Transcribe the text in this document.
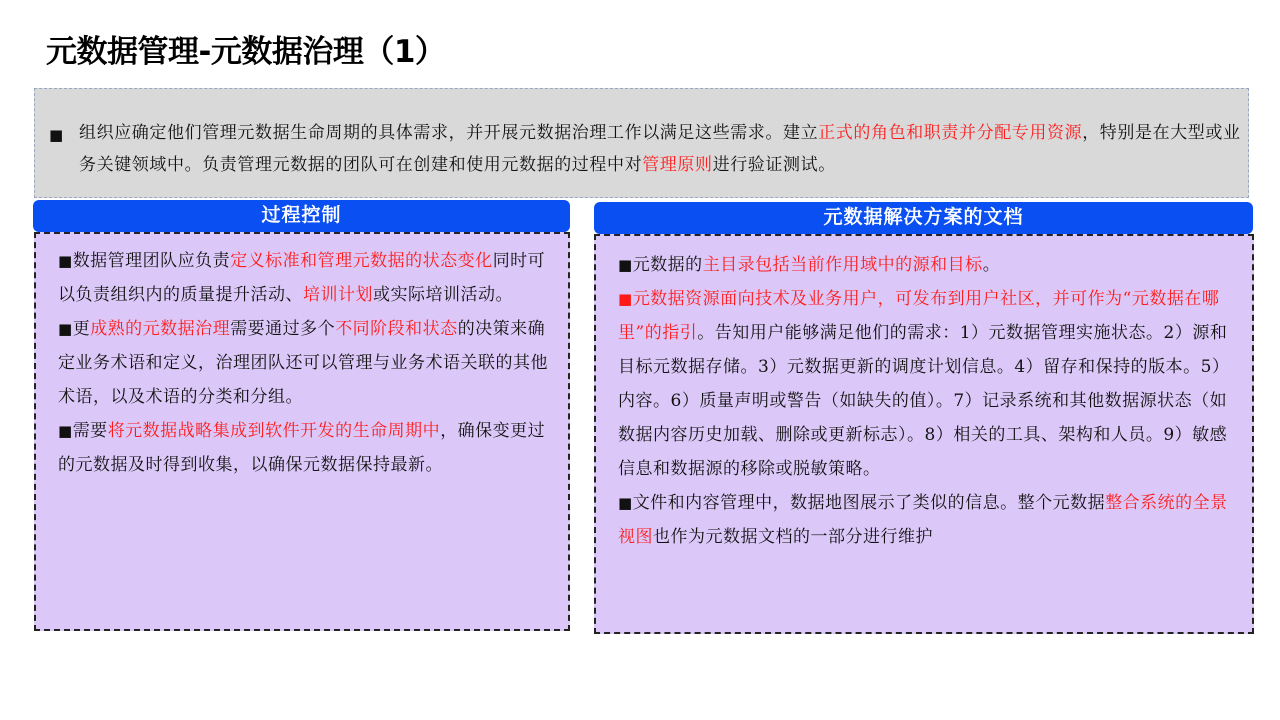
元数据管理-元数据治理（1）
■ 组织应确定他们管理元数据生命周期的具体需求，并开展元数据治理工作以满足这些需求。建立正式的角色和职责并分配专用资源，特别是在大型或业务关键领域中。负责管理元数据的团队可在创建和使用元数据的过程中对管理原则进行验证测试。
过程控制

■数据管理团队应负责定义标准和管理元数据的状态变化同时可以负责组织内的质量提升活动、培训计划或实际培训活动。

■更成熟的元数据治理需要通过多个不同阶段和状态的决策来确定业务术语和定义，治理团队还可以管理与业务术语关联的其他术语，以及术语的分类和分组。

■需要将元数据战略集成到软件开发的生命周期中，确保变更过的元数据及时得到收集，以确保元数据保持最新。

元数据解决方案的文档

■元数据的主目录包括当前作用域中的源和目标。

■元数据资源面向技术及业务用户，可发布到用户社区，并可作为“元数据在哪里”的指引。告知用户能够满足他们的需求：1）元数据管理实施状态。2）源和目标元数据存储。3）元数据更新的调度计划信息。4）留存和保持的版本。5）内容。6）质量声明或警告（如缺失的值）。7）记录系统和其他数据源状态（如数据内容历史加载、删除或更新标志）。8）相关的工具、架构和人员。9）敏感信息和数据源的移除或脱敏策略。

■文件和内容管理中，数据地图展示了类似的信息。整个元数据整合系统的全景视图也作为元数据文档的一部分进行维护
